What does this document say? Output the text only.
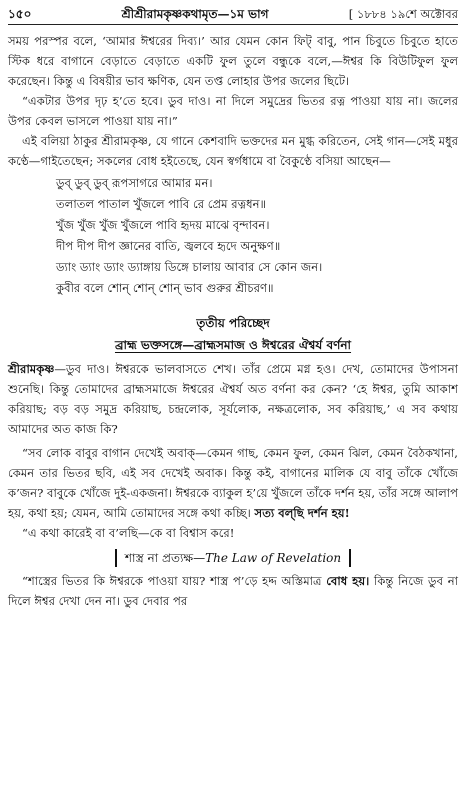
১৫০	শ্রীশ্রীরামকৃষ্ণকথামৃত—১ম ভাগ	[ ১৮৮৪ ১৯শে অক্টোবর

সময় পরস্পর বলে, ‘আমার ঈশ্বরের দিব্য।’ আর যেমন কোন ফিট্ বাবু, পান চিবুতে চিবুতে হাতে স্টিক ধরে বাগানে বেড়াতে বেড়াতে একটি ফুল তুলে বন্ধুকে বলে,—ঈশ্বর কি বিউটিফুল ফুল করেছেন। কিন্তু এ বিষয়ীর ভাব ক্ষণিক, যেন তপ্ত লোহার উপর জলের ছিটে।

“একটার উপর দৃঢ় হ’তে হবে। ডুব দাও। না দিলে সমুদ্রের ভিতর রত্ন পাওয়া যায় না। জলের উপর কেবল ভাসলে পাওয়া যায় না।”

এই বলিয়া ঠাকুর শ্রীরামকৃষ্ণ, যে গানে কেশবাদি ভক্তদের মন মুগ্ধ করিতেন, সেই গান—সেই মধুর কণ্ঠে—গাইতেছেন; সকলের বোধ হইতেছে, যেন স্বর্গধামে বা বৈকুণ্ঠে বসিয়া আছেন—

ডুব্ ডুব্ ডুব্ রূপসাগরে আমার মন।
তলাতল পাতাল খুঁজলে পাবি রে প্রেম রত্নধন॥
খুঁজ খুঁজ খুঁজ খুঁজলে পাবি হৃদয় মাঝে বৃন্দাবন।
দীপ দীপ দীপ জ্ঞানের বাতি, জ্বলবে হৃদে অনুক্ষণ॥
ড্যাং ড্যাং ড্যাং ড্যাঙ্গায় ডিঙ্গে চালায় আবার সে কোন জন।
কুবীর বলে শোন্ শোন্ শোন্ ভাব গুরুর শ্রীচরণ॥
তৃতীয় পরিচ্ছেদ
ব্রাহ্ম ভক্তসঙ্গে—ব্রাহ্মসমাজ ও ঈশ্বরের ঐশ্বর্য বর্ণনা

শ্রীরামকৃষ্ণ—ডুব দাও। ঈশ্বরকে ভালবাসতে শেখ। তাঁর প্রেমে মগ্ন হও। দেখ, তোমাদের উপাসনা শুনেছি। কিন্তু তোমাদের ব্রাহ্মসমাজে ঈশ্বরের ঐশ্বর্য অত বর্ণনা কর কেন? ‘হে ঈশ্বর, তুমি আকাশ করিয়াছ; বড় বড় সমুদ্র করিয়াছ, চন্দ্রলোক, সূর্যলোক, নক্ষত্রলোক, সব করিয়াছ,’ এ সব কথায় আমাদের অত কাজ কি?

“সব লোক বাবুর বাগান দেখেই অবাক্—কেমন গাছ, কেমন ফুল, কেমন ঝিল, কেমন বৈঠকখানা, কেমন তার ভিতর ছবি, এই সব দেখেই অবাক। কিন্তু কই, বাগানের মালিক যে বাবু তাঁকে খোঁজে ক’জন? বাবুকে খোঁজে দুই-একজনা। ঈশ্বরকে ব্যাকুল হ’য়ে খুঁজলে তাঁকে দর্শন হয়, তাঁর সঙ্গে আলাপ হয়, কথা হয়; যেমন, আমি তোমাদের সঙ্গে কথা কচ্ছি। সত্য বল্‌ছি দর্শন হয়!

“এ কথা কারেই বা ব’লছি—কে বা বিশ্বাস করে!

শাস্ত্র না প্রত্যক্ষ—The Law of Revelation

“শাস্ত্রের ভিতর কি ঈশ্বরকে পাওয়া যায়? শাস্ত্র প’ড়ে হদ্দ অস্তিমাত্র বোধ হয়। কিন্তু নিজে ডুব না দিলে ঈশ্বর দেখা দেন না। ডুব দেবার পর
